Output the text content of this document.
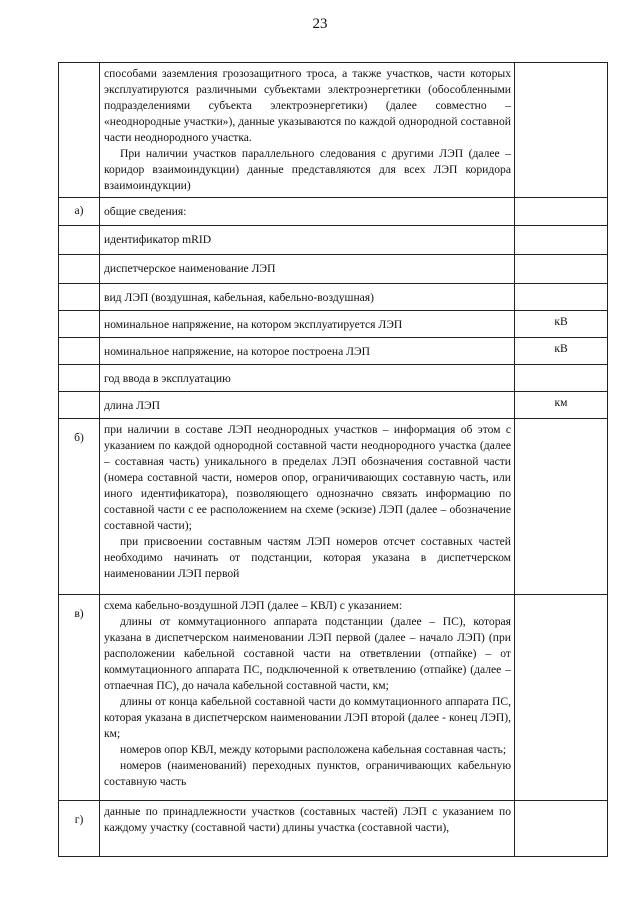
23

	способами заземления грозозащитного троса, а также участков, части которых эксплуатируются различными субъектами электроэнергетики (обособленными подразделениями субъекта электроэнергетики) (далее совместно – «неоднородные участки»), данные указываются по каждой однородной составной части неоднородного участка.

При наличии участков параллельного следования с другими ЛЭП (далее – коридор взаимоиндукции) данные представляются для всех ЛЭП коридора взаимоиндукции)	

а)	общие сведения:	

	идентификатор mRID	

	диспетчерское наименование ЛЭП	

	вид ЛЭП (воздушная, кабельная, кабельно-воздушная)	

	номинальное напряжение, на котором эксплуатируется ЛЭП	кВ

	номинальное напряжение, на которое построена ЛЭП	кВ

	год ввода в эксплуатацию	

	длина ЛЭП	км

б)	при наличии в составе ЛЭП неоднородных участков – информация об этом с указанием по каждой однородной составной части неоднородного участка (далее – составная часть) уникального в пределах ЛЭП обозначения составной части (номера составной части, номеров опор, ограничивающих составную часть, или иного идентификатора), позволяющего однозначно связать информацию по составной части с ее расположением на схеме (эскизе) ЛЭП (далее – обозначение составной части);

при присвоении составным частям ЛЭП номеров отсчет составных частей необходимо начинать от подстанции, которая указана в диспетчерском наименовании ЛЭП первой	

в)	схема кабельно-воздушной ЛЭП (далее – КВЛ) с указанием:

длины от коммутационного аппарата подстанции (далее – ПС), которая указана в диспетчерском наименовании ЛЭП первой (далее – начало ЛЭП) (при расположении кабельной составной части на ответвлении (отпайке) – от коммутационного аппарата ПС, подключенной к ответвлению (отпайке) (далее – отпаечная ПС), до начала кабельной составной части, км;

длины от конца кабельной составной части до коммутационного аппарата ПС, которая указана в диспетчерском наименовании ЛЭП второй (далее - конец ЛЭП), км;

номеров опор КВЛ, между которыми расположена кабельная составная часть;

номеров (наименований) переходных пунктов, ограничивающих кабельную составную часть	

г)	данные по принадлежности участков (составных частей) ЛЭП с указанием по каждому участку (составной части) длины участка (составной части),	
